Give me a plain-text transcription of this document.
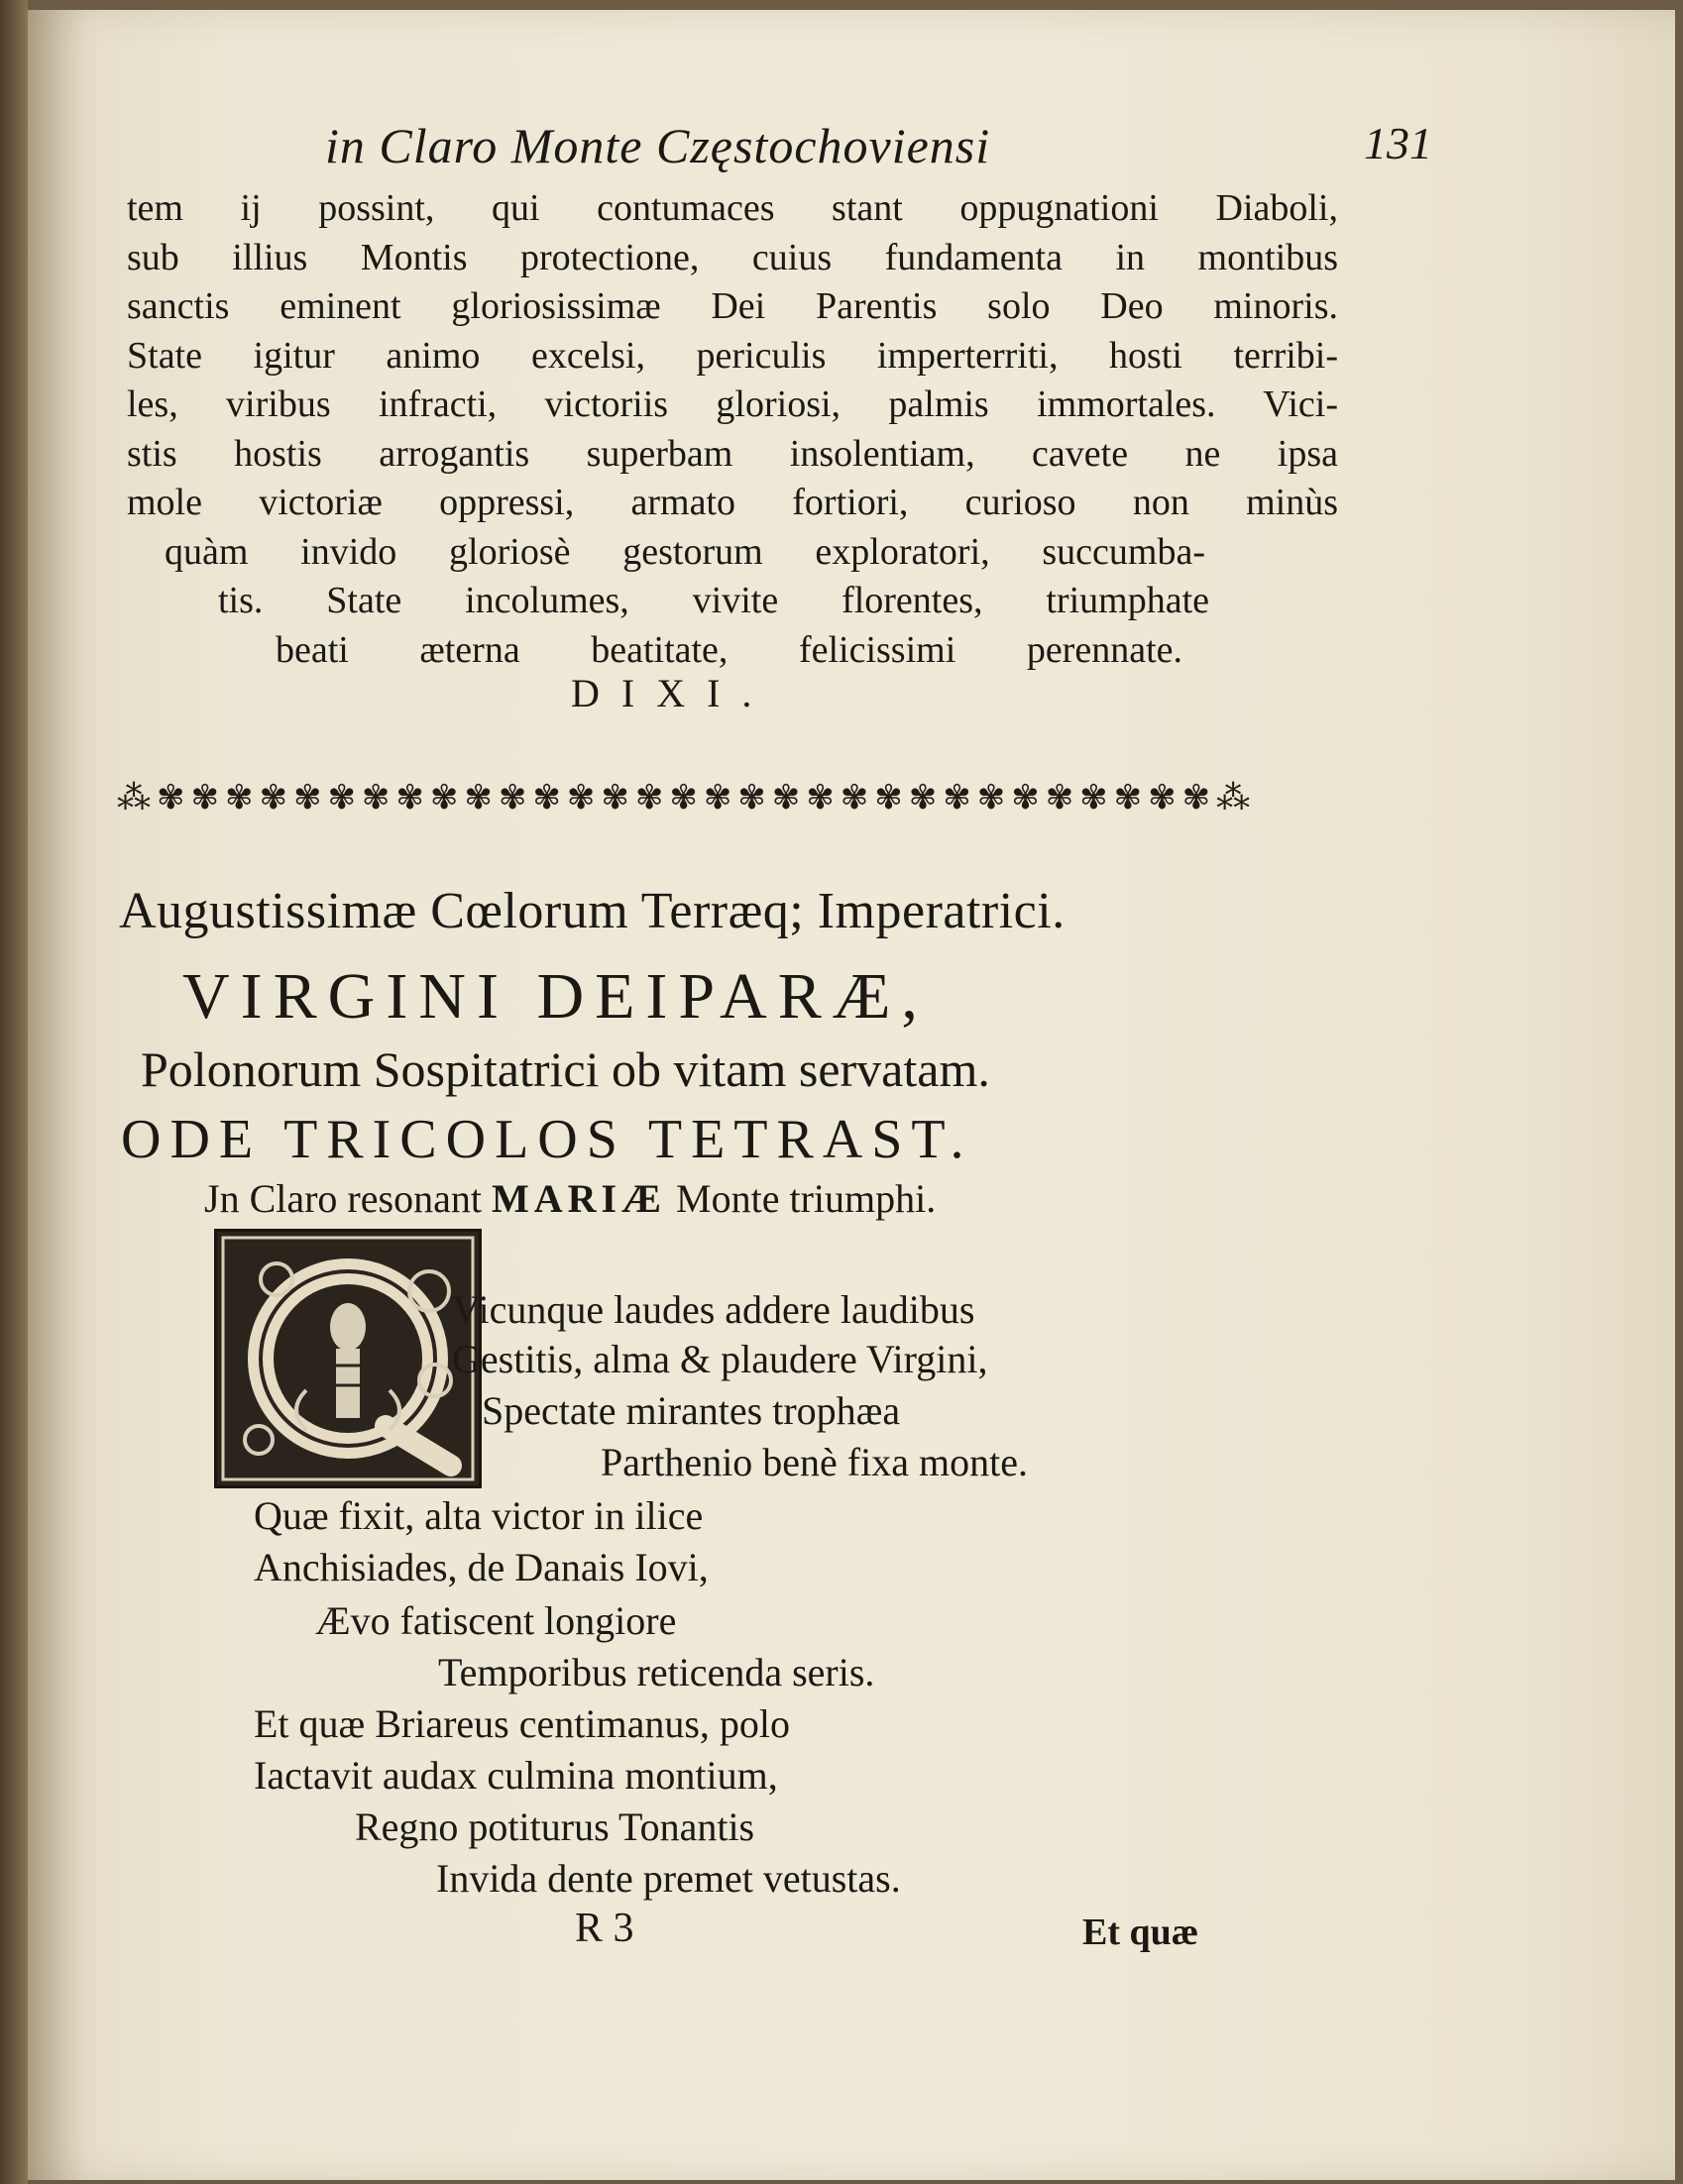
in Claro Monte Częstochoviensi	131
tem ij possint, qui contumaces stant oppugnationi Diaboli,
sub illius Montis protectione, cuius fundamenta in montibus
sanctis eminent gloriosissimæ Dei Parentis solo Deo minoris.
State igitur animo excelsi, periculis imperterriti, hosti terribi-
les, viribus infracti, victoriis gloriosi, palmis immortales. Vici-
stis hostis arrogantis superbam insolentiam, cavete ne ipsa
mole victoriæ oppressi, armato fortiori, curioso non minùs
quàm invido gloriosè gestorum exploratori, succumba-
tis. State incolumes, vivite florentes, triumphate
beati æterna beatitate, felicissimi perennate.
DIXI.
⁂✾✾✾✾✾✾✾✾✾✾✾✾✾✾✾✾✾✾✾✾✾✾✾✾✾✾✾✾✾✾✾⁂
Augustissimæ Cœlorum Terræq; Imperatrici.
VIRGINI DEIPARÆ,
Polonorum Sospitatrici ob vitam servatam.
ODE TRICOLOS TETRAST.
Jn Claro resonant MARIÆ Monte triumphi.
Vicunque laudes addere laudibus
Gestitis, alma & plaudere Virgini,
Spectate mirantes trophæa
Parthenio benè fixa monte.
Quæ fixit, alta victor in ilice
Anchisiades, de Danais Iovi,
Ævo fatiscent longiore
Temporibus reticenda seris.
Et quæ Briareus centimanus, polo
Iactavit audax culmina montium,
Regno potiturus Tonantis
Invida dente premet vetustas.
R 3	Et quæ
